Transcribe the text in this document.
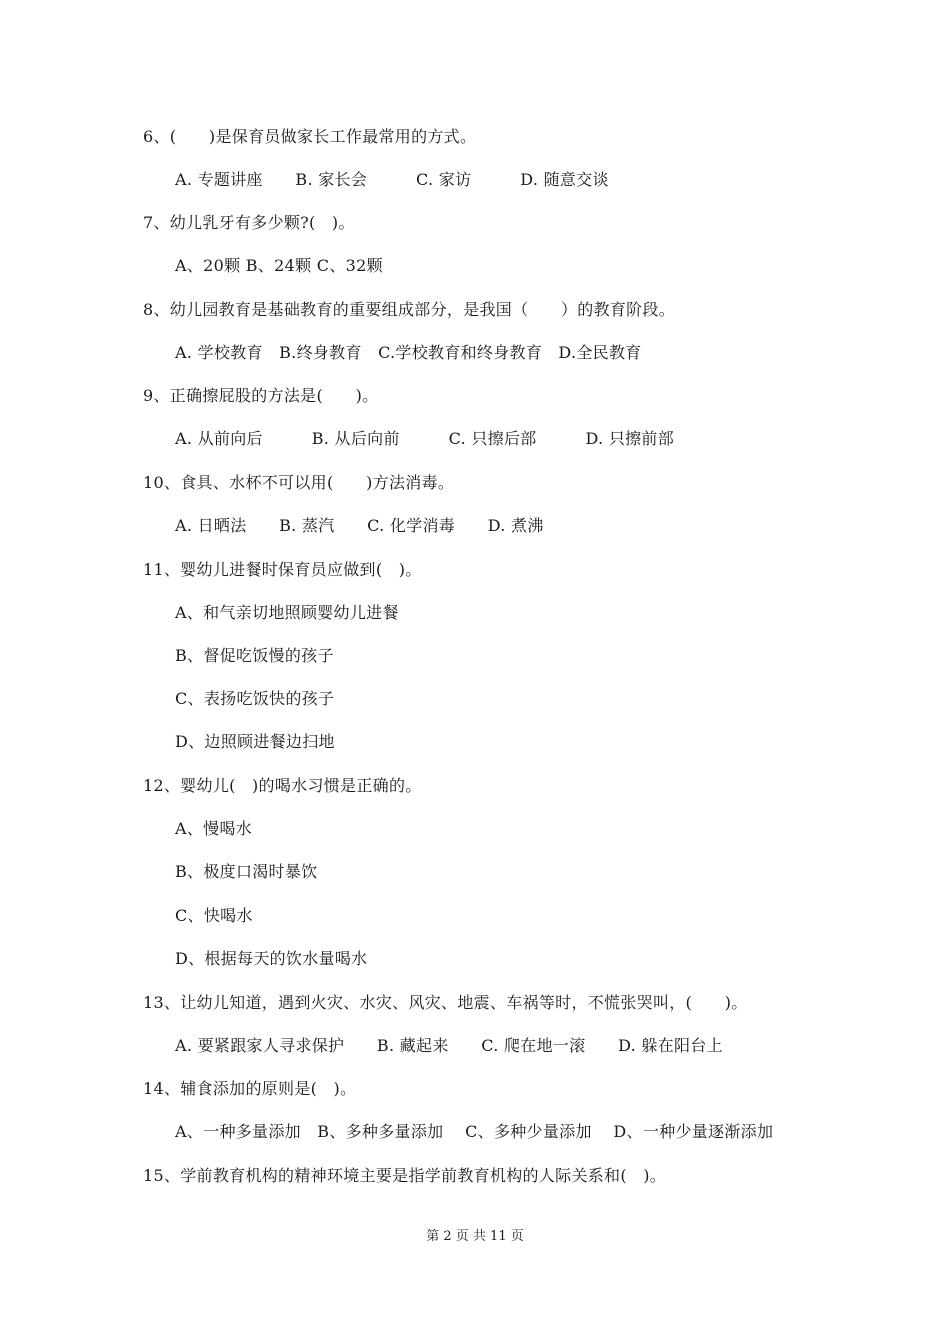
6、(　　)是保育员做家长工作最常用的方式。
A. 专题讲座　　B. 家长会　　　C. 家访　　　D. 随意交谈
7、幼儿乳牙有多少颗?(　)。
A、20颗 B、24颗 C、32颗
8、幼儿园教育是基础教育的重要组成部分，是我国（　　）的教育阶段。
A. 学校教育　B.终身教育　C.学校教育和终身教育　D.全民教育
9、正确擦屁股的方法是(　　)。
A. 从前向后　　　B. 从后向前　　　C. 只擦后部　　　D. 只擦前部
10、食具、水杯不可以用(　　)方法消毒。
A. 日晒法　　B. 蒸汽　　C. 化学消毒　　D. 煮沸
11、婴幼儿进餐时保育员应做到(　)。
A、和气亲切地照顾婴幼儿进餐
B、督促吃饭慢的孩子
C、表扬吃饭快的孩子
D、边照顾进餐边扫地
12、婴幼儿(　)的喝水习惯是正确的。
A、慢喝水
B、极度口渴时暴饮
C、快喝水
D、根据每天的饮水量喝水
13、让幼儿知道，遇到火灾、水灾、风灾、地震、车祸等时，不慌张哭叫，(　　)。
A. 要紧跟家人寻求保护　　B. 藏起来　　C. 爬在地一滚　　D. 躲在阳台上
14、辅食添加的原则是(　)。
A、一种多量添加　B、多种多量添加　 C、多种少量添加　 D、一种少量逐渐添加
15、学前教育机构的精神环境主要是指学前教育机构的人际关系和(　)。
第 2 页 共 11 页
